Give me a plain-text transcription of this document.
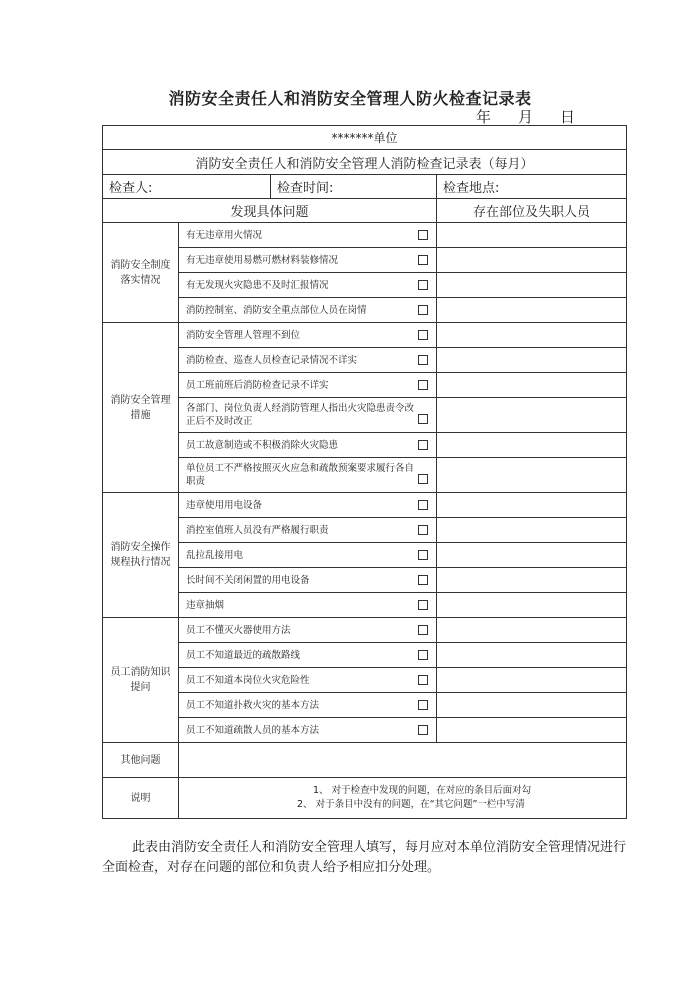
消防安全责任人和消防安全管理人防火检查记录表
年 月 日
*******单位			
消防安全责任人和消防安全管理人消防检查记录表（每月）			
检查人:		检查时间:	检查地点:
发现具体问题			存在部位及失职人员
消防安全制度落实情况	有无违章用火情况		

	有无违章使用易燃可燃材料装修情况		

	有无发现火灾隐患不及时汇报情况		

	消防控制室、消防安全重点部位人员在岗情		

消防安全管理措施	消防安全管理人管理不到位		

	消防检查、巡查人员检查记录情况不详实		

	员工班前班后消防检查记录不详实		

	各部门、岗位负责人经消防管理人指出火灾隐患责令改正后不及时改正		

	员工故意制造或不积极消除火灾隐患		

	单位员工不严格按照灭火应急和疏散预案要求履行各自职责		

消防安全操作规程执行情况	违章使用用电设备		

	消控室值班人员没有严格履行职责		

	乱拉乱接用电		

	长时间不关闭闲置的用电设备		

	违章抽烟		

员工消防知识提问	员工不懂灭火器使用方法		

	员工不知道最近的疏散路线		

	员工不知道本岗位火灾危险性		

	员工不知道扑救火灾的基本方法		

	员工不知道疏散人员的基本方法		

其他问题			
说明	1、 对于检查中发现的问题，在对应的条目后面对勾
2、 对于条目中没有的问题，在“其它问题”一栏中写清		
此表由消防安全责任人和消防安全管理人填写，每月应对本单位消防安全管理情况进行全面检查，对存在问题的部位和负责人给予相应扣分处理。
